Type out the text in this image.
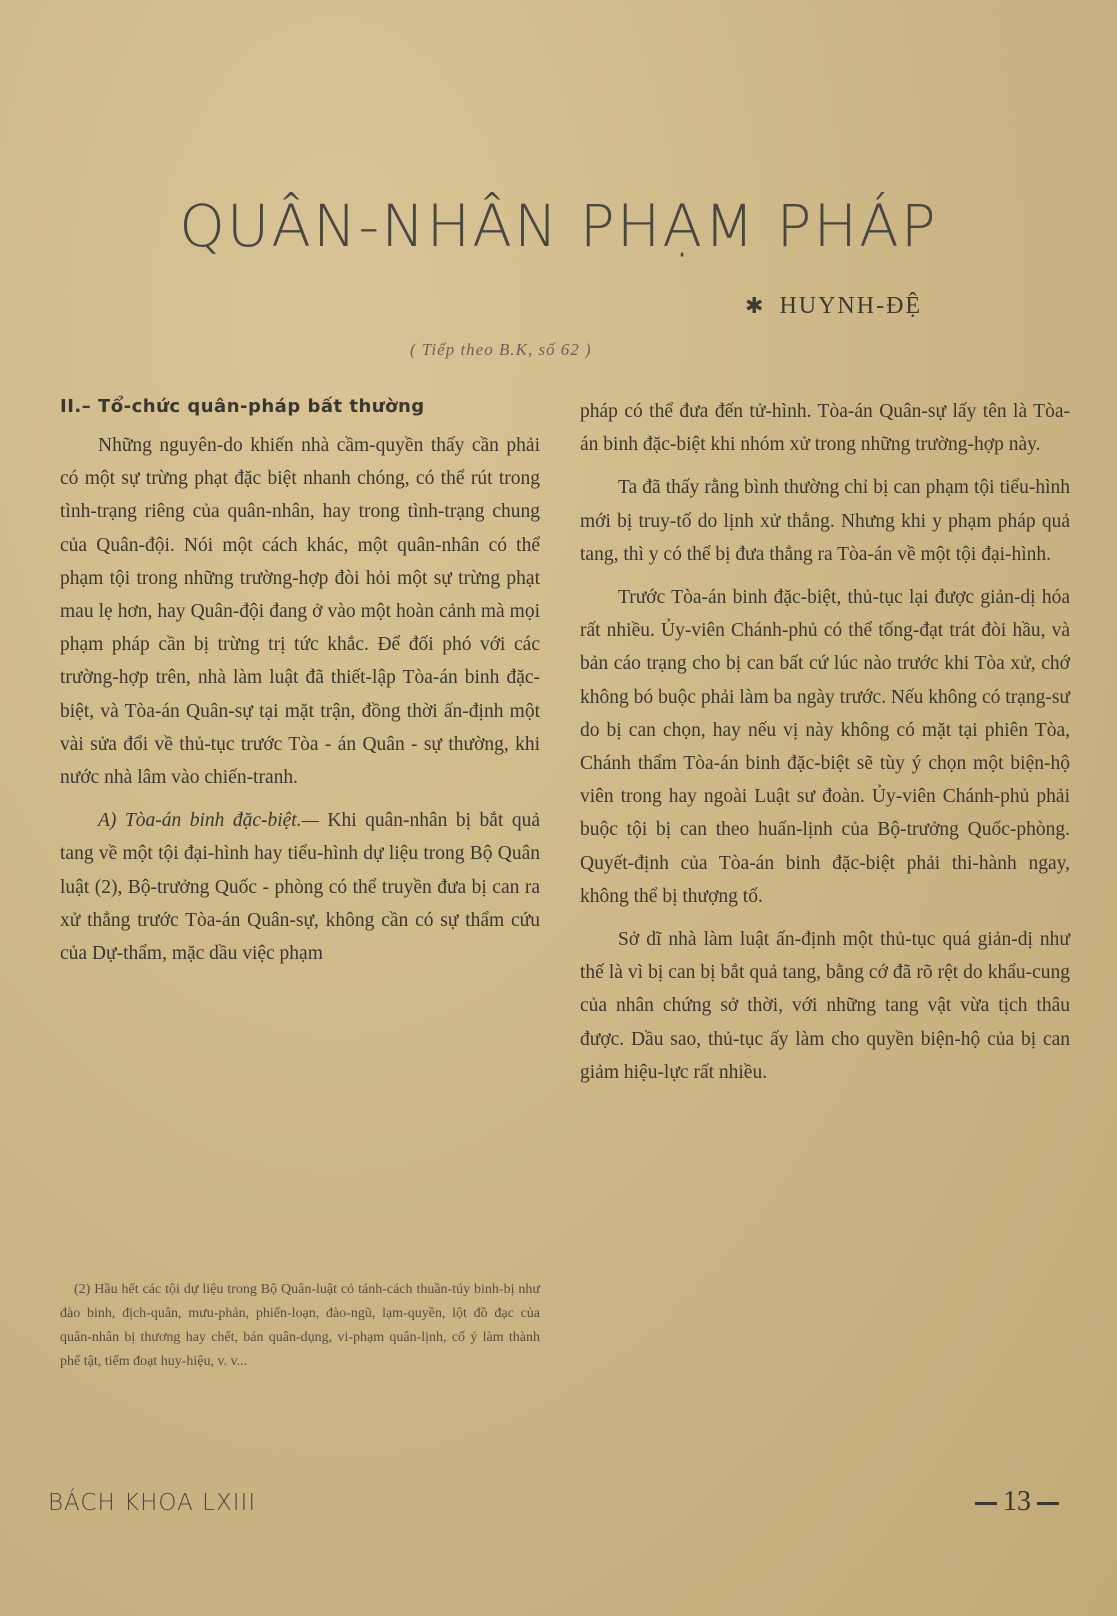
QUÂN-NHÂN PHẠM PHÁP
✱ HUYNH-ĐỆ
( Tiếp theo B.K, số 62 )

II.– Tổ-chức quân-pháp bất thường

Những nguyên-do khiến nhà cầm-quyền thấy cần phải có một sự trừng phạt đặc biệt nhanh chóng, có thể rút trong tình-trạng riêng của quân-nhân, hay trong tình-trạng chung của Quân-đội. Nói một cách khác, một quân-nhân có thể phạm tội trong những trường-hợp đòi hỏi một sự trừng phạt mau lẹ hơn, hay Quân-đội đang ở vào một hoàn cảnh mà mọi phạm pháp cần bị trừng trị tức khắc. Để đối phó với các trường-hợp trên, nhà làm luật đã thiết-lập Tòa-án binh đặc-biệt, và Tòa-án Quân-sự tại mặt trận, đồng thời ấn-định một vài sửa đổi về thủ-tục trước Tòa - án Quân - sự thường, khi nước nhà lâm vào chiến-tranh.

A) Tòa-án binh đặc-biệt.— Khi quân-nhân bị bắt quả tang về một tội đại-hình hay tiểu-hình dự liệu trong Bộ Quân luật (2), Bộ-trưởng Quốc - phòng có thể truyền đưa bị can ra xử thẳng trước Tòa-án Quân-sự, không cần có sự thẩm cứu của Dự-thẩm, mặc dầu việc phạm

(2) Hầu hết các tội dự liệu trong Bộ Quân-luật có tánh-cách thuần-túy binh-bị như đào binh, địch-quân, mưu-phản, phiến-loạn, đào-ngũ, lạm-quyền, lột đồ đạc của quân-nhân bị thương hay chết, bán quân-dụng, vi-phạm quân-lịnh, cố ý làm thành phế tật, tiếm đoạt huy-hiệu, v. v...

pháp có thể đưa đến tử-hình. Tòa-án Quân-sự lấy tên là Tòa-án binh đặc-biệt khi nhóm xử trong những trường-hợp này.

Ta đã thấy rằng bình thường chỉ bị can phạm tội tiểu-hình mới bị truy-tố do lịnh xử thẳng. Nhưng khi y phạm pháp quả tang, thì y có thể bị đưa thẳng ra Tòa-án về một tội đại-hình.

Trước Tòa-án binh đặc-biệt, thủ-tục lại được giản-dị hóa rất nhiều. Ủy-viên Chánh-phủ có thể tống-đạt trát đòi hầu, và bản cáo trạng cho bị can bất cứ lúc nào trước khi Tòa xử, chớ không bó buộc phải làm ba ngày trước. Nếu không có trạng-sư do bị can chọn, hay nếu vị này không có mặt tại phiên Tòa, Chánh thẩm Tòa-án binh đặc-biệt sẽ tùy ý chọn một biện-hộ viên trong hay ngoài Luật sư đoàn. Ủy-viên Chánh-phủ phải buộc tội bị can theo huấn-lịnh của Bộ-trưởng Quốc-phòng. Quyết-định của Tòa-án binh đặc-biệt phải thi-hành ngay, không thể bị thượng tố.

Sở dĩ nhà làm luật ấn-định một thủ-tục quá giản-dị như thế là vì bị can bị bắt quả tang, bằng cớ đã rõ rệt do khẩu-cung của nhân chứng sở thời, với những tang vật vừa tịch thâu được. Dầu sao, thủ-tục ấy làm cho quyền biện-hộ của bị can giảm hiệu-lực rất nhiều.

BÁCH KHOA LXIII	13
